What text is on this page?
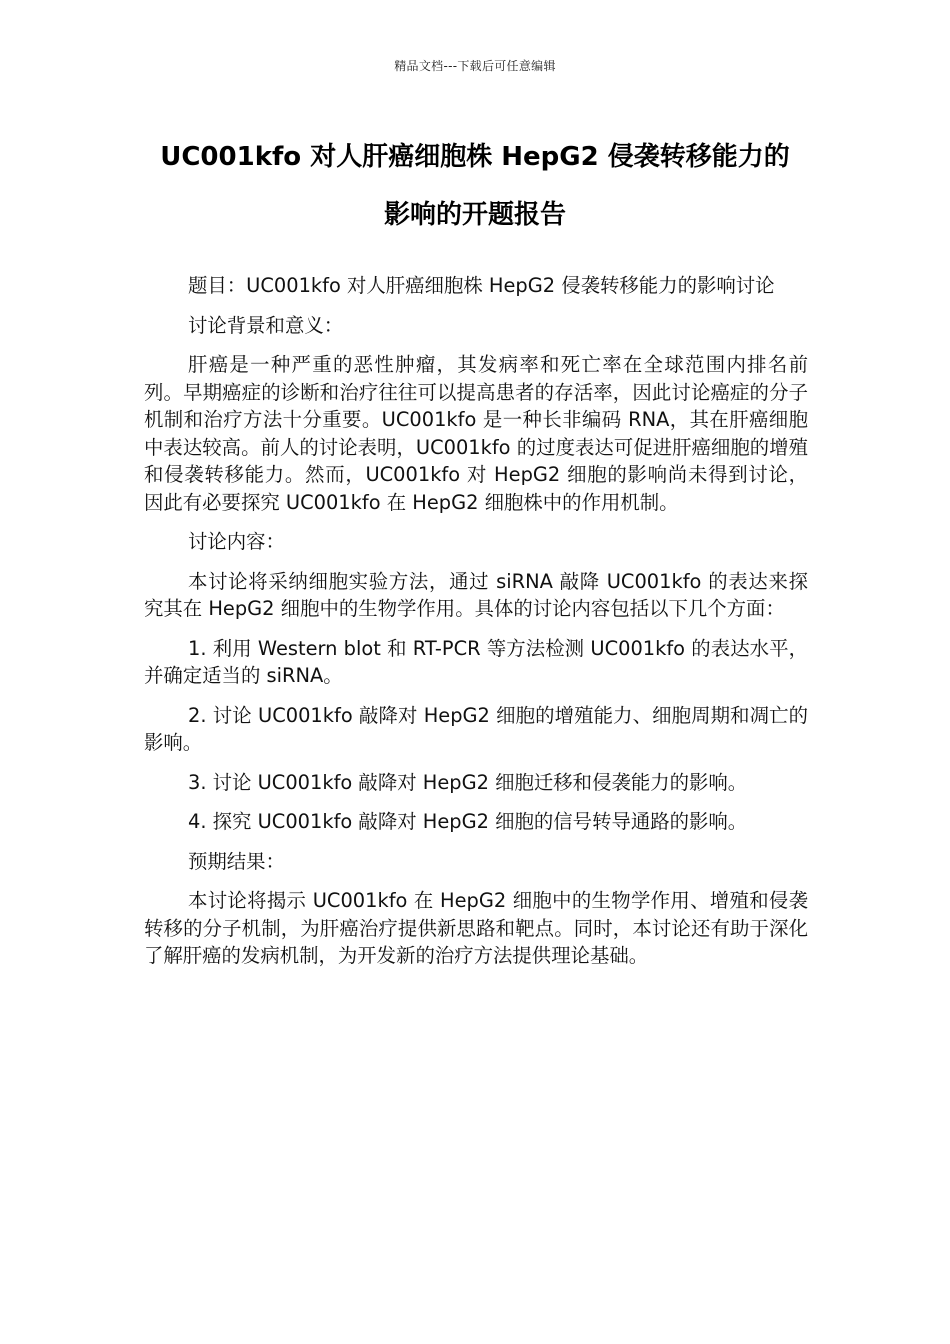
精品文档---下载后可任意编辑
UC001kfo 对人肝癌细胞株 HepG2 侵袭转移能力的
影响的开题报告

题目：UC001kfo 对人肝癌细胞株 HepG2 侵袭转移能力的影响讨论

讨论背景和意义：

肝癌是一种严重的恶性肿瘤，其发病率和死亡率在全球范围内排名前列。早期癌症的诊断和治疗往往可以提高患者的存活率，因此讨论癌症的分子机制和治疗方法十分重要。UC001kfo 是一种长非编码 RNA，其在肝癌细胞中表达较高。前人的讨论表明，UC001kfo 的过度表达可促进肝癌细胞的增殖和侵袭转移能力。然而，UC001kfo 对 HepG2 细胞的影响尚未得到讨论，因此有必要探究 UC001kfo 在 HepG2 细胞株中的作用机制。

讨论内容：

本讨论将采纳细胞实验方法，通过 siRNA 敲降 UC001kfo 的表达来探究其在 HepG2 细胞中的生物学作用。具体的讨论内容包括以下几个方面：

1. 利用 Western blot 和 RT-PCR 等方法检测 UC001kfo 的表达水平，并确定适当的 siRNA。
2. 讨论 UC001kfo 敲降对 HepG2 细胞的增殖能力、细胞周期和凋亡的影响。
3. 讨论 UC001kfo 敲降对 HepG2 细胞迁移和侵袭能力的影响。
4. 探究 UC001kfo 敲降对 HepG2 细胞的信号转导通路的影响。

预期结果：

本讨论将揭示 UC001kfo 在 HepG2 细胞中的生物学作用、增殖和侵袭转移的分子机制，为肝癌治疗提供新思路和靶点。同时，本讨论还有助于深化了解肝癌的发病机制，为开发新的治疗方法提供理论基础。
